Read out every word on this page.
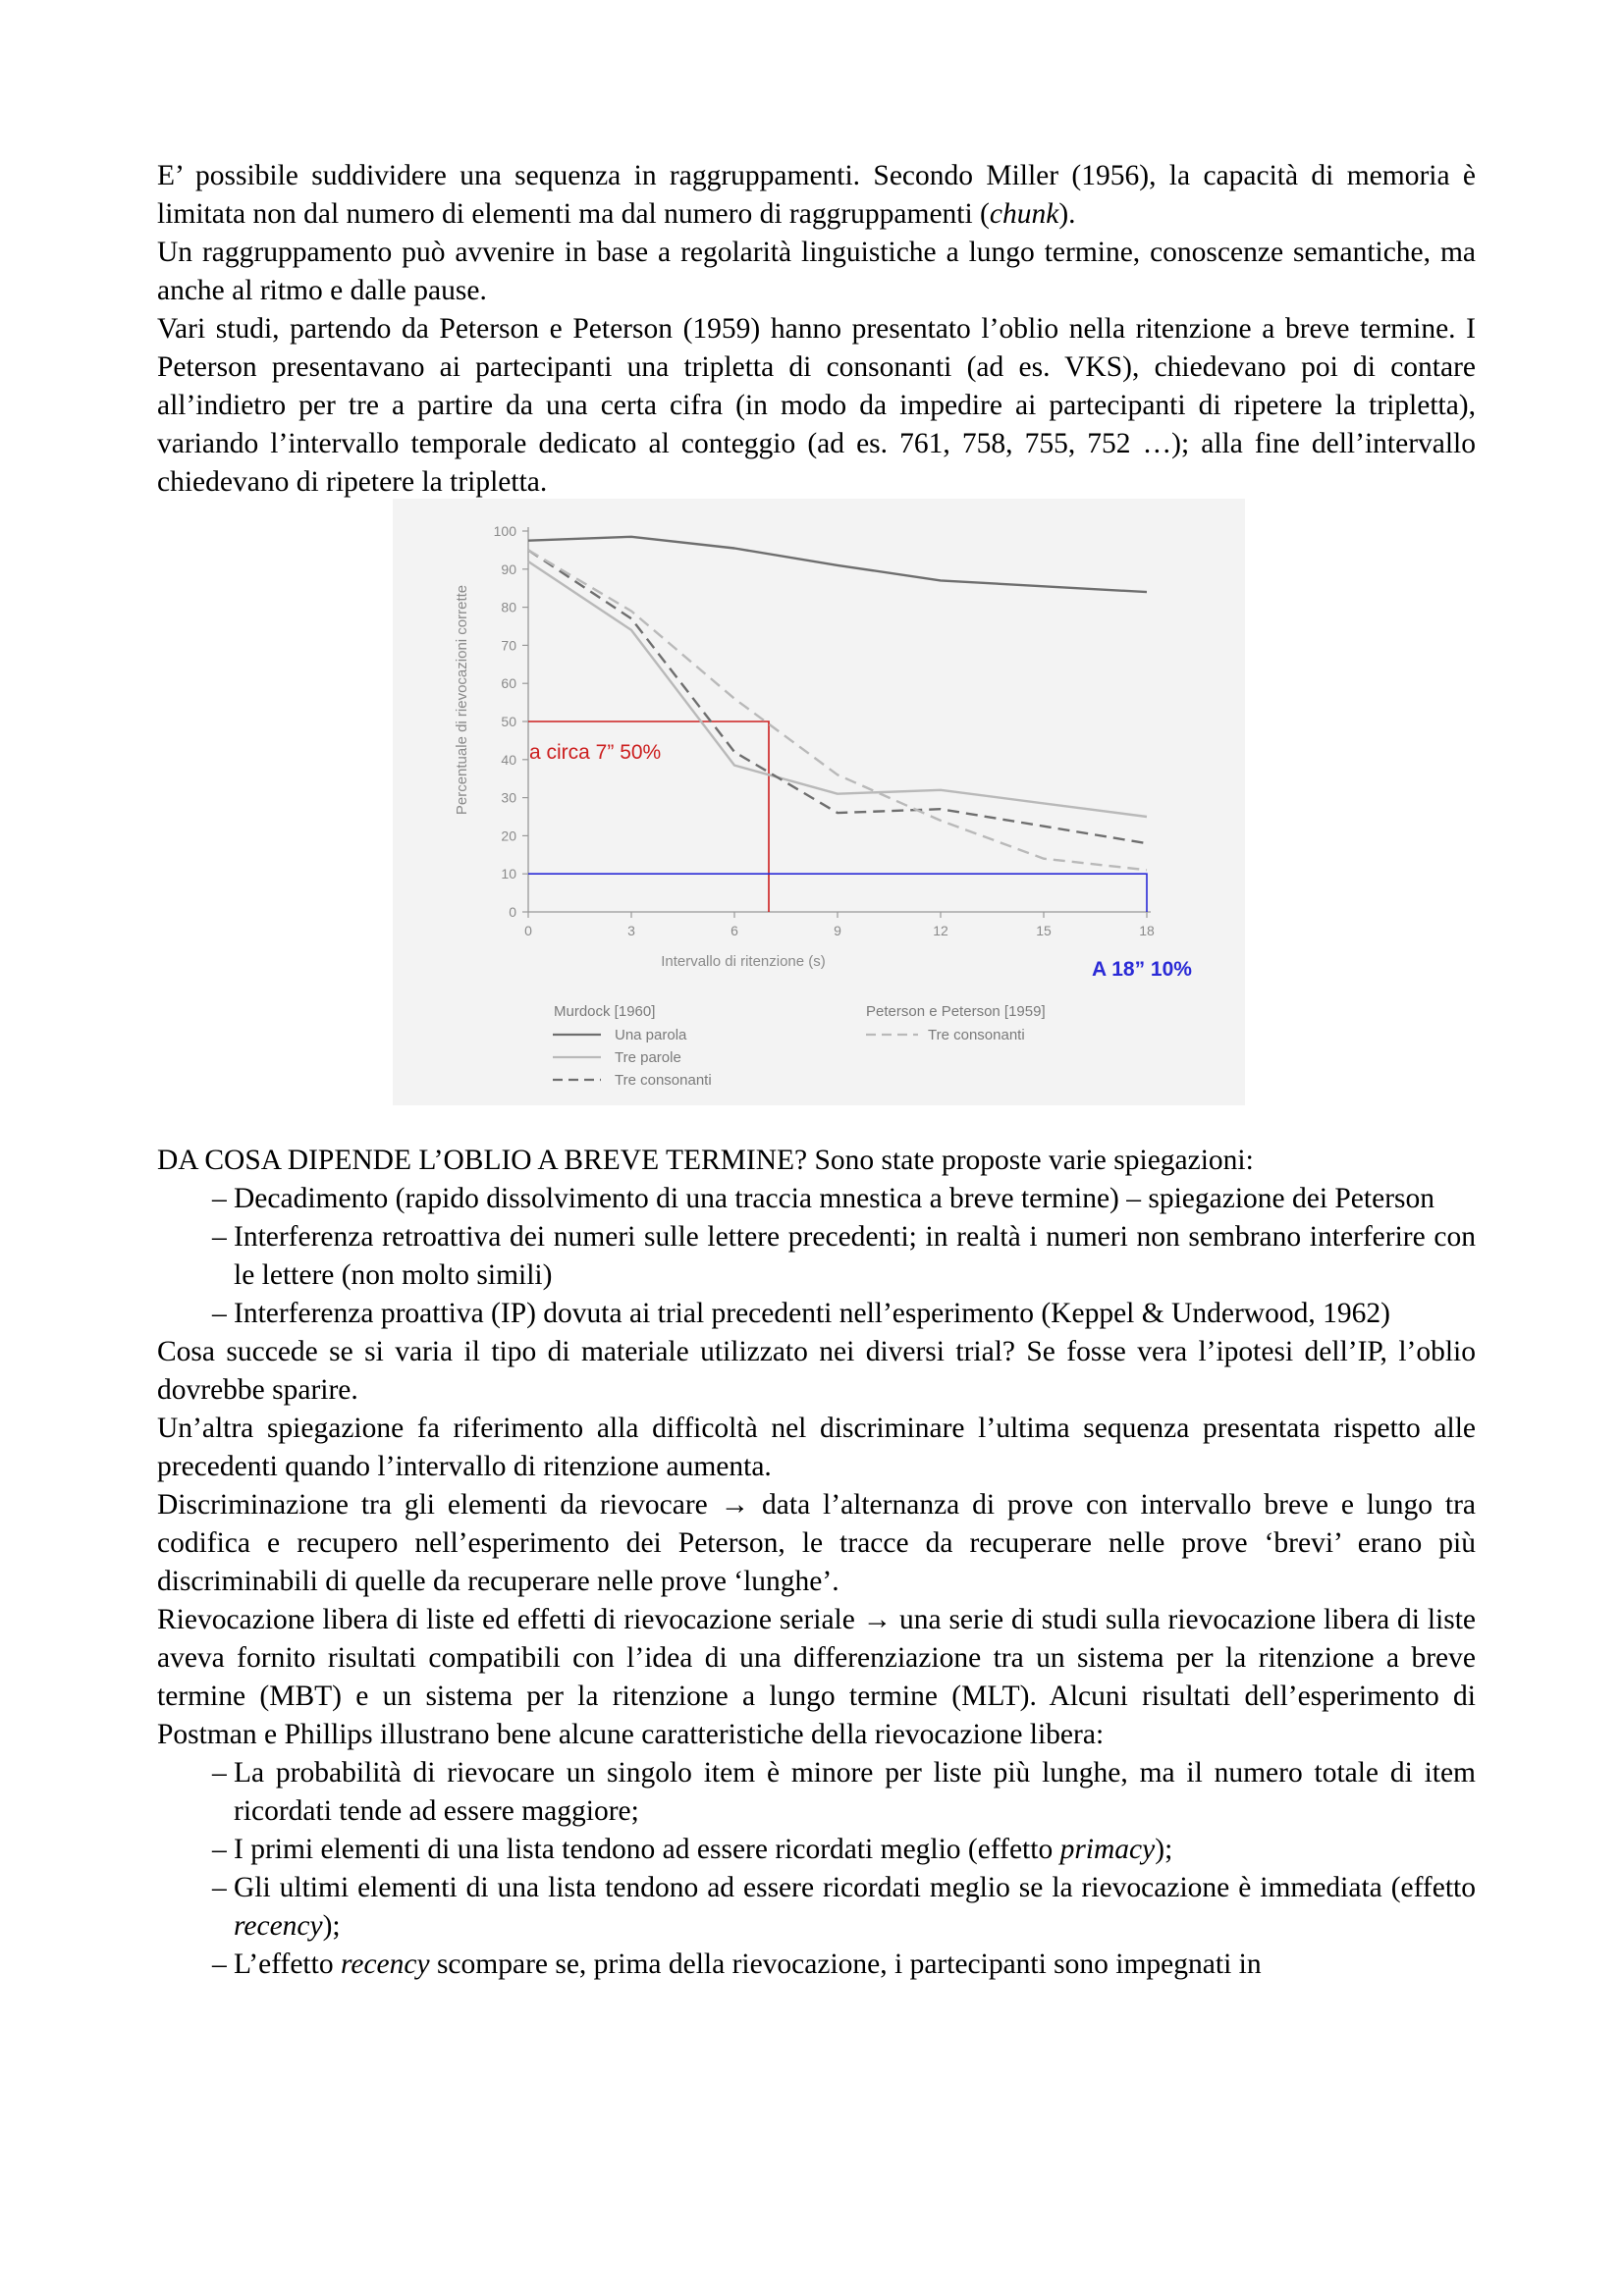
E’ possibile suddividere una sequenza in raggruppamenti. Secondo Miller (1956), la capacità di memoria è limitata non dal numero di elementi ma dal numero di raggruppamenti (chunk).

Un raggruppamento può avvenire in base a regolarità linguistiche a lungo termine, conoscenze semantiche, ma anche al ritmo e dalle pause.

Vari studi, partendo da Peterson e Peterson (1959) hanno presentato l’oblio nella ritenzione a breve termine. I Peterson presentavano ai partecipanti una tripletta di consonanti (ad es. VKS), chiedevano poi di contare all’indietro per tre a partire da una certa cifra (in modo da impedire ai partecipanti di ripetere la tripletta), variando l’intervallo temporale dedicato al conteggio (ad es. 761, 758, 755, 752 …); alla fine dell’intervallo chiedevano di ripetere la tripletta.

0
10
20
30
40
50
60
70
80
90
100
0	3	6	9	12	15	18
Percentuale di rievocazioni corrette
Intervallo di ritenzione (s)
a circa 7” 50%
A 18” 10%
Murdock [1960]
Una parola
Tre parole
Tre consonanti
Peterson e Peterson [1959]
Tre consonanti

DA COSA DIPENDE L’OBLIO A BREVE TERMINE? Sono state proposte varie spiegazioni:

– Decadimento (rapido dissolvimento di una traccia mnestica a breve termine) – spiegazione dei Peterson

– Interferenza retroattiva dei numeri sulle lettere precedenti; in realtà i numeri non sembrano interferire con le lettere (non molto simili)

– Interferenza proattiva (IP) dovuta ai trial precedenti nell’esperimento (Keppel & Underwood, 1962)

Cosa succede se si varia il tipo di materiale utilizzato nei diversi trial? Se fosse vera l’ipotesi dell’IP, l’oblio dovrebbe sparire.

Un’altra spiegazione fa riferimento alla difficoltà nel discriminare l’ultima sequenza presentata rispetto alle precedenti quando l’intervallo di ritenzione aumenta.

Discriminazione tra gli elementi da rievocare → data l’alternanza di prove con intervallo breve e lungo tra codifica e recupero nell’esperimento dei Peterson, le tracce da recuperare nelle prove ‘brevi’ erano più discriminabili di quelle da recuperare nelle prove ‘lunghe’.

Rievocazione libera di liste ed effetti di rievocazione seriale → una serie di studi sulla rievocazione libera di liste aveva fornito risultati compatibili con l’idea di una differenziazione tra un sistema per la ritenzione a breve termine (MBT) e un sistema per la ritenzione a lungo termine (MLT). Alcuni risultati dell’esperimento di Postman e Phillips illustrano bene alcune caratteristiche della rievocazione libera:

– La probabilità di rievocare un singolo item è minore per liste più lunghe, ma il numero totale di item ricordati tende ad essere maggiore;

– I primi elementi di una lista tendono ad essere ricordati meglio (effetto primacy);

– Gli ultimi elementi di una lista tendono ad essere ricordati meglio se la rievocazione è immediata (effetto recency);

– L’effetto recency scompare se, prima della rievocazione, i partecipanti sono impegnati in
